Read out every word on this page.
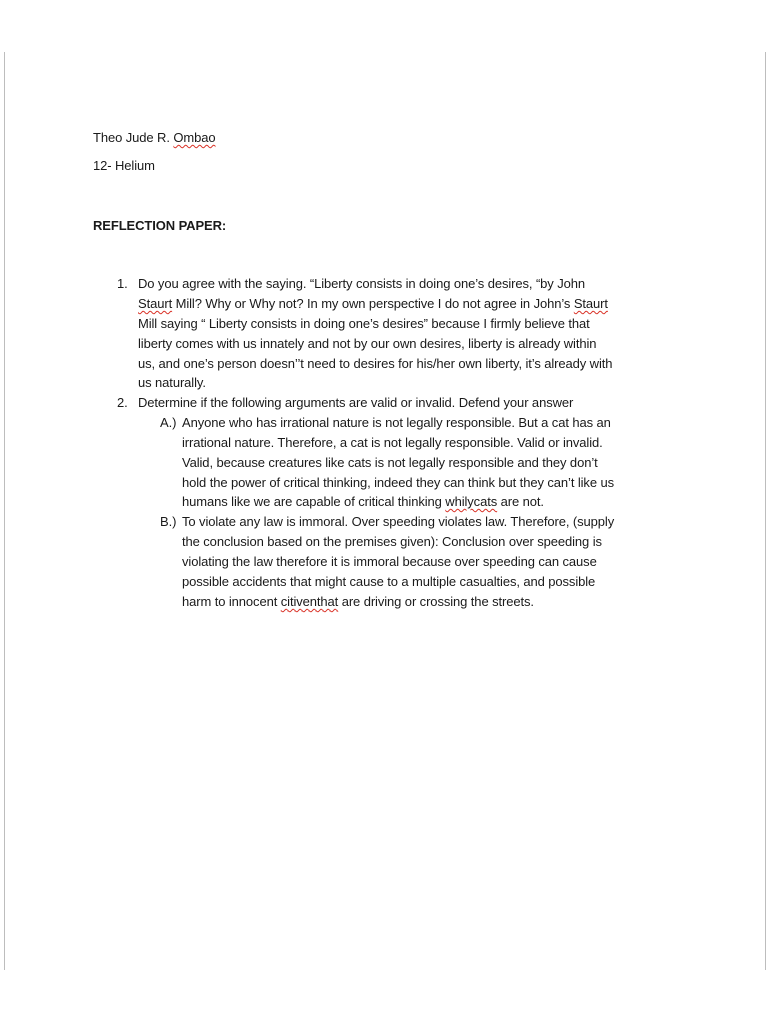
Theo Jude R. Ombao
12- Helium
REFLECTION PAPER:
1. Do you agree with the saying. “Liberty consists in doing one’s desires, “by John
Staurt Mill? Why or Why not? In my own perspective I do not agree in John’s Staurt
Mill saying “ Liberty consists in doing one’s desires” because I firmly believe that
liberty comes with us innately and not by our own desires, liberty is already within
us, and one’s person doesn’’t need to desires for his/her own liberty, it’s already with
us naturally.
2. Determine if the following arguments are valid or invalid. Defend your answer
A.) Anyone who has irrational nature is not legally responsible. But a cat has an
irrational nature. Therefore, a cat is not legally responsible. Valid or invalid.
Valid, because creatures like cats is not legally responsible and they don’t
hold the power of critical thinking, indeed they can think but they can’t like us
humans like we are capable of critical thinking whilycats are not.
B.) To violate any law is immoral. Over speeding violates law. Therefore, (supply
the conclusion based on the premises given): Conclusion over speeding is
violating the law therefore it is immoral because over speeding can cause
possible accidents that might cause to a multiple casualties, and possible
harm to innocent citiventhat are driving or crossing the streets.
